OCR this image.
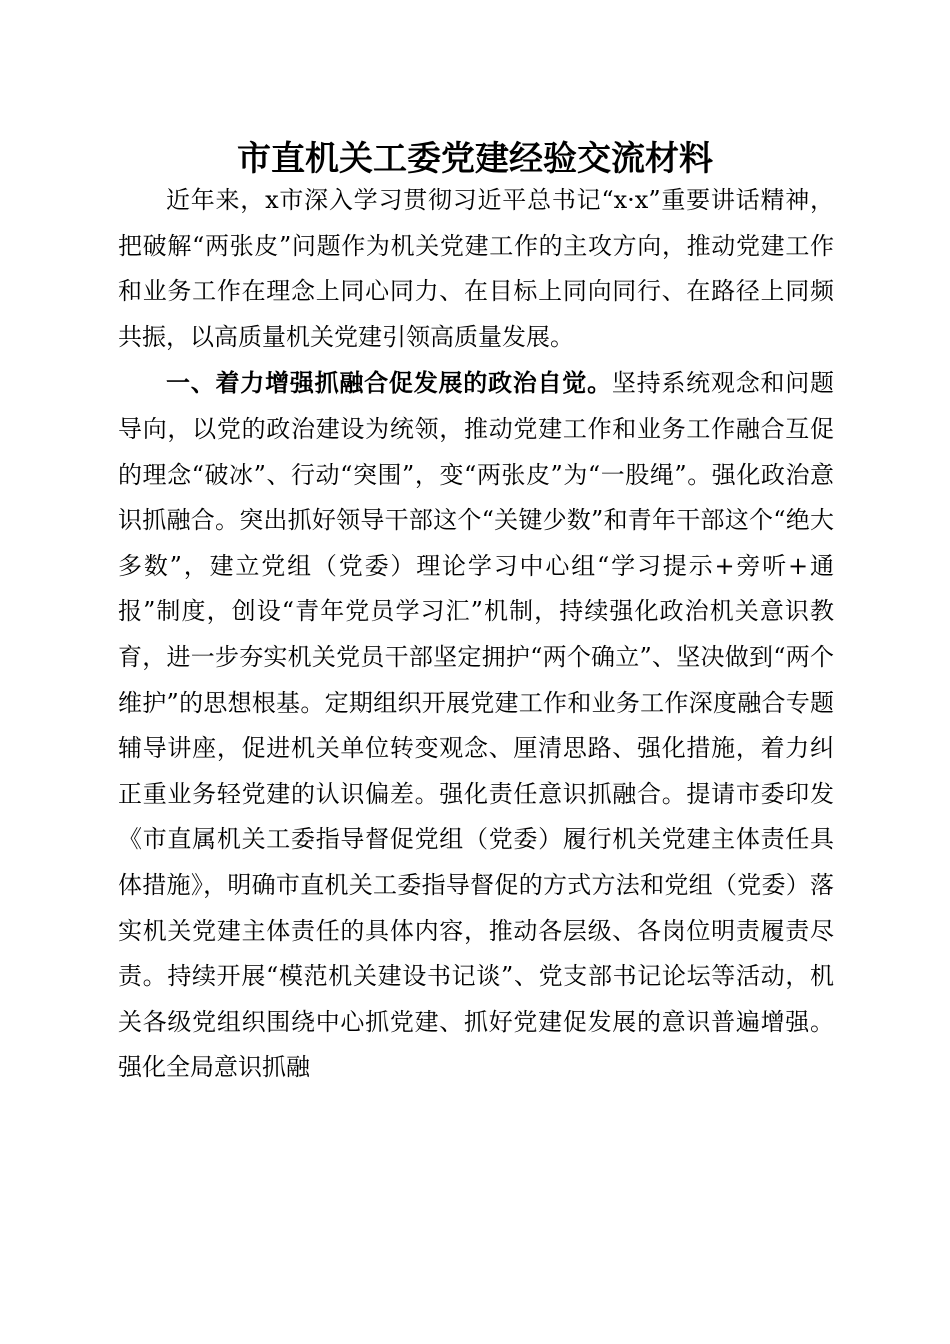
市直机关工委党建经验交流材料

近年来，x市深入学习贯彻习近平总书记“x·x”重要讲话精神，把破解“两张皮”问题作为机关党建工作的主攻方向，推动党建工作和业务工作在理念上同心同力、在目标上同向同行、在路径上同频共振，以高质量机关党建引领高质量发展。

一、着力增强抓融合促发展的政治自觉。坚持系统观念和问题导向，以党的政治建设为统领，推动党建工作和业务工作融合互促的理念“破冰”、行动“突围”，变“两张皮”为“一股绳”。强化政治意识抓融合。突出抓好领导干部这个“关键少数”和青年干部这个“绝大多数”，建立党组（党委）理论学习中心组“学习提示+旁听+通报”制度，创设“青年党员学习汇”机制，持续强化政治机关意识教育，进一步夯实机关党员干部坚定拥护“两个确立”、坚决做到“两个维护”的思想根基。定期组织开展党建工作和业务工作深度融合专题辅导讲座，促进机关单位转变观念、厘清思路、强化措施，着力纠正重业务轻党建的认识偏差。强化责任意识抓融合。提请市委印发《市直属机关工委指导督促党组（党委）履行机关党建主体责任具体措施》，明确市直机关工委指导督促的方式方法和党组（党委）落实机关党建主体责任的具体内容，推动各层级、各岗位明责履责尽责。持续开展“模范机关建设书记谈”、党支部书记论坛等活动，机关各级党组织围绕中心抓党建、抓好党建促发展的意识普遍增强。强化全局意识抓融
